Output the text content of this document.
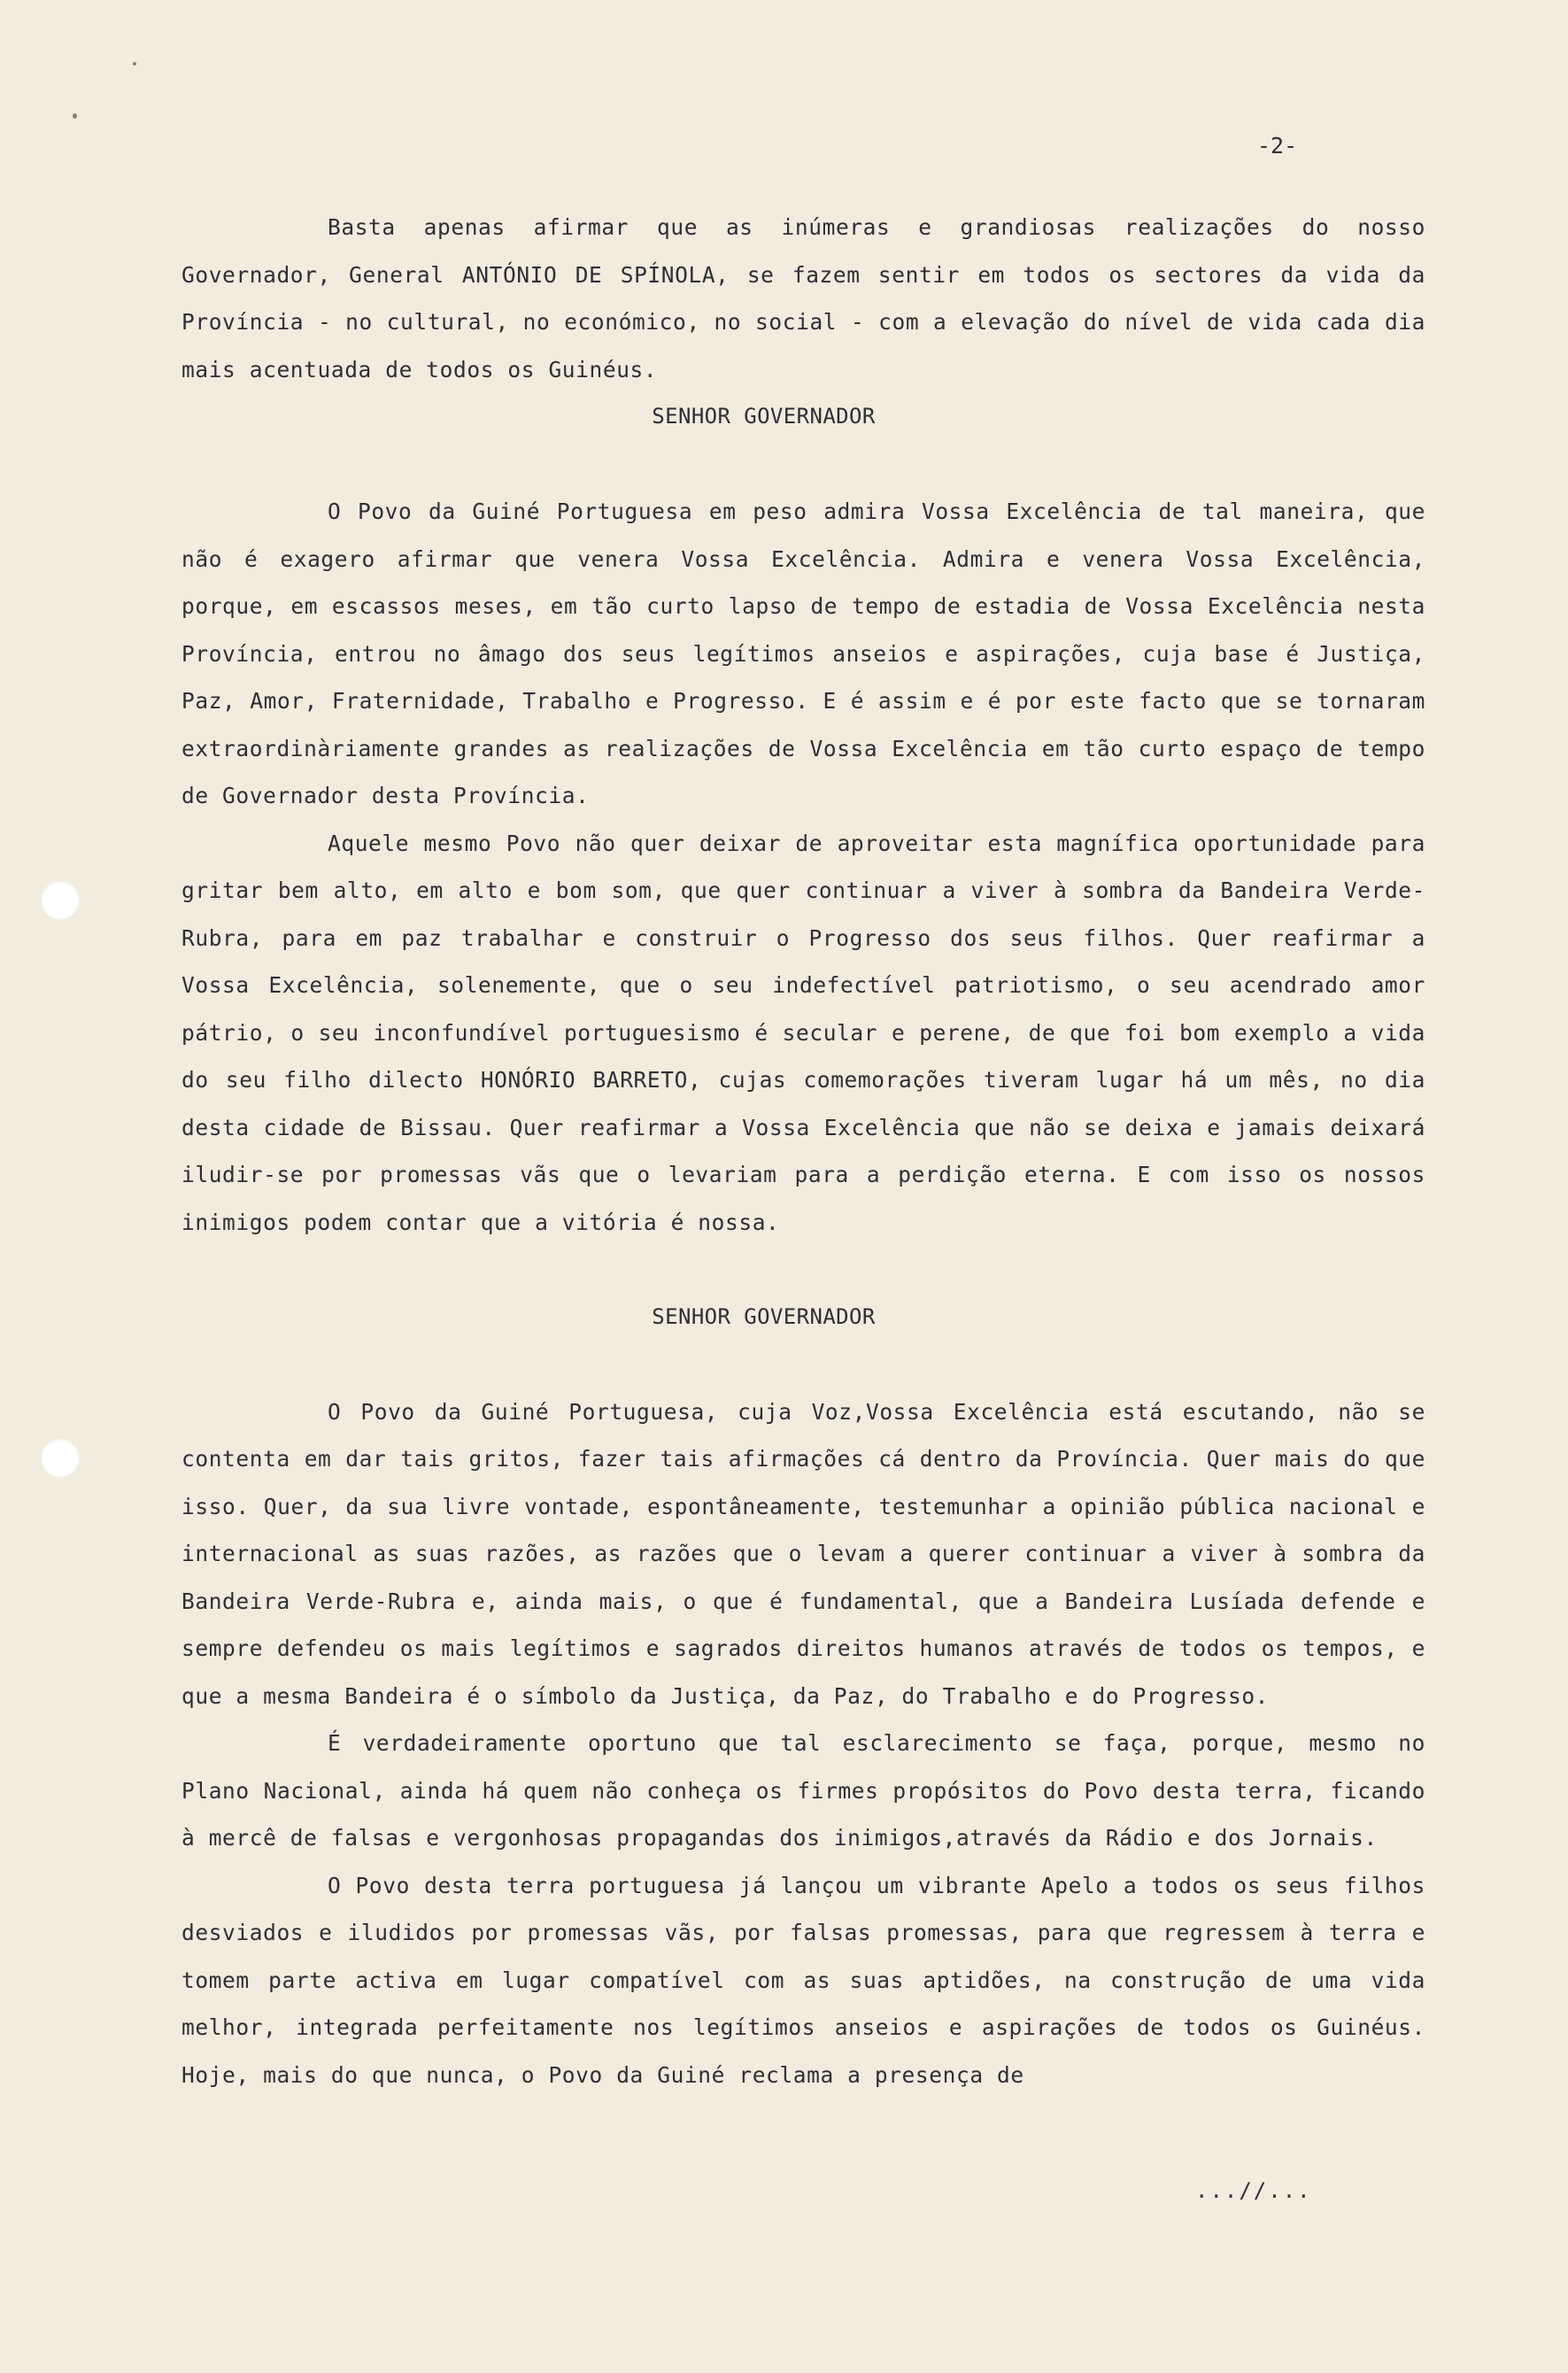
-2-

Basta apenas afirmar que as inúmeras e grandiosas realizações do nosso Governador, General ANTÓNIO DE SPÍNOLA, se fazem sentir em todos os sectores da vida da Província - no cultural, no económico, no social - com a elevação do nível de vida cada dia mais acentuada de todos os Guinéus.

SENHOR GOVERNADOR

O Povo da Guiné Portuguesa em peso admira Vossa Excelência de tal maneira, que não é exagero afirmar que venera Vossa Excelência. Admira e venera Vossa Excelência, porque, em escassos meses, em tão curto lapso de tempo de estadia de Vossa Excelência nesta Província, entrou no âmago dos seus legítimos anseios e aspirações, cuja base é Justiça, Paz, Amor, Fraternidade, Trabalho e Progresso. E é assim e é por este facto que se tornaram extraordinàriamente grandes as realizações de Vossa Excelência em tão curto espaço de tempo de Governador desta Província.

Aquele mesmo Povo não quer deixar de aproveitar esta magnífica oportunidade para gritar bem alto, em alto e bom som, que quer continuar a viver à sombra da Bandeira Verde-Rubra, para em paz trabalhar e construir o Progresso dos seus filhos. Quer reafirmar a Vossa Excelência, solenemente, que o seu indefectível patriotismo, o seu acendrado amor pátrio, o seu inconfundível portuguesismo é secular e perene, de que foi bom exemplo a vida do seu filho dilecto HONÓRIO BARRETO, cujas comemorações tiveram lugar há um mês, no dia desta cidade de Bissau. Quer reafirmar a Vossa Excelência que não se deixa e jamais deixará iludir-se por promessas vãs que o levariam para a perdição eterna. E com isso os nossos inimigos podem contar que a vitória é nossa.

SENHOR GOVERNADOR

O Povo da Guiné Portuguesa, cuja Voz,Vossa Excelência está escutando, não se contenta em dar tais gritos, fazer tais afirmações cá dentro da Província. Quer mais do que isso. Quer, da sua livre vontade, espontâneamente, testemunhar a opinião pública nacional e internacional as suas razões, as razões que o levam a querer continuar a viver à sombra da Bandeira Verde-Rubra e, ainda mais, o que é fundamental, que a Bandeira Lusíada defende e sempre defendeu os mais legítimos e sagrados direitos humanos através de todos os tempos, e que a mesma Bandeira é o símbolo da Justiça, da Paz, do Trabalho e do Progresso.

É verdadeiramente oportuno que tal esclarecimento se faça, porque, mesmo no Plano Nacional, ainda há quem não conheça os firmes propósitos do Povo desta terra, ficando à mercê de falsas e vergonhosas propagandas dos inimigos,através da Rádio e dos Jornais.

O Povo desta terra portuguesa já lançou um vibrante Apelo a todos os seus filhos desviados e iludidos por promessas vãs, por falsas promessas, para que regressem à terra e tomem parte activa em lugar compatível com as suas aptidões, na construção de uma vida melhor, integrada perfeitamente nos legítimos anseios e aspirações de todos os Guinéus. Hoje, mais do que nunca, o Povo da Guiné reclama a presença de

...//...
